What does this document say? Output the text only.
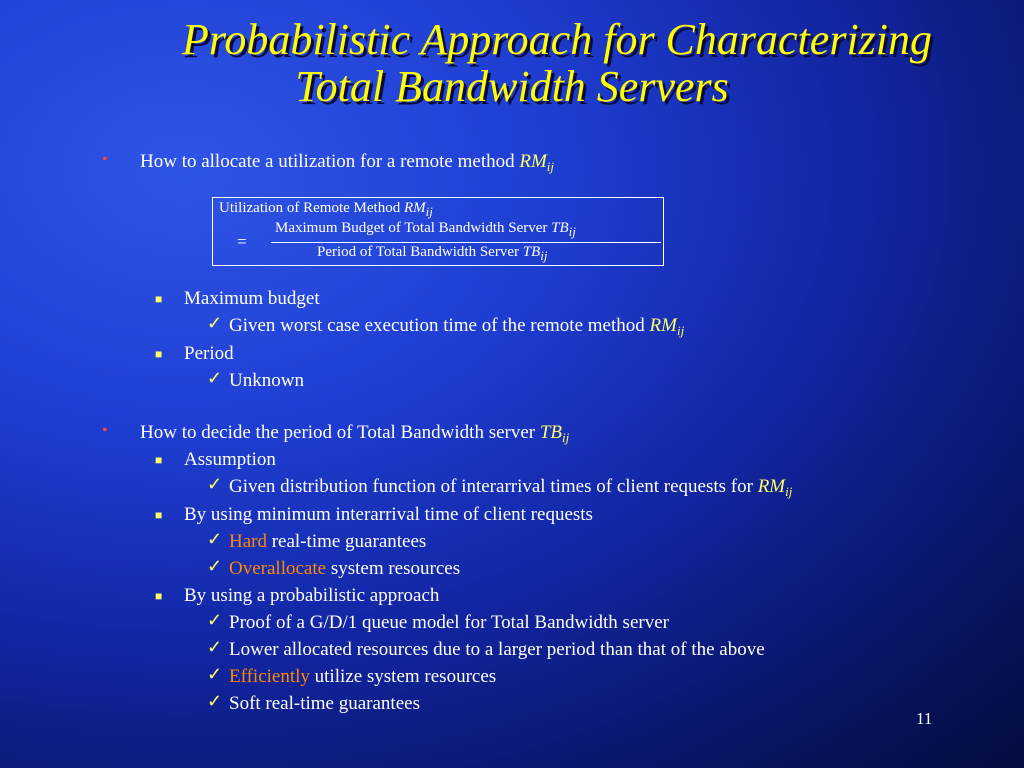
Probabilistic Approach for Characterizing
Total Bandwidth Servers
• How to allocate a utilization for a remote method $RM_{ij}$
Utilization of Remote Method RMij
=
Maximum Budget of Total Bandwidth Server TBij
Period of Total Bandwidth Server TBij
■ Maximum budget
✓ Given worst case execution time of the remote method $RM_{ij}$
■ Period
✓ Unknown
• How to decide the period of Total Bandwidth server $TB_{ij}$
■ Assumption
✓ Given distribution function of interarrival times of client requests for $RM_{ij}$
■ By using minimum interarrival time of client requests
✓ Hard real-time guarantees
✓ Overallocate system resources
■ By using a probabilistic approach
✓ Proof of a G/D/1 queue model for Total Bandwidth server
✓ Lower allocated resources due to a larger period than that of the above
✓ Efficiently utilize system resources
✓ Soft real-time guarantees
11
